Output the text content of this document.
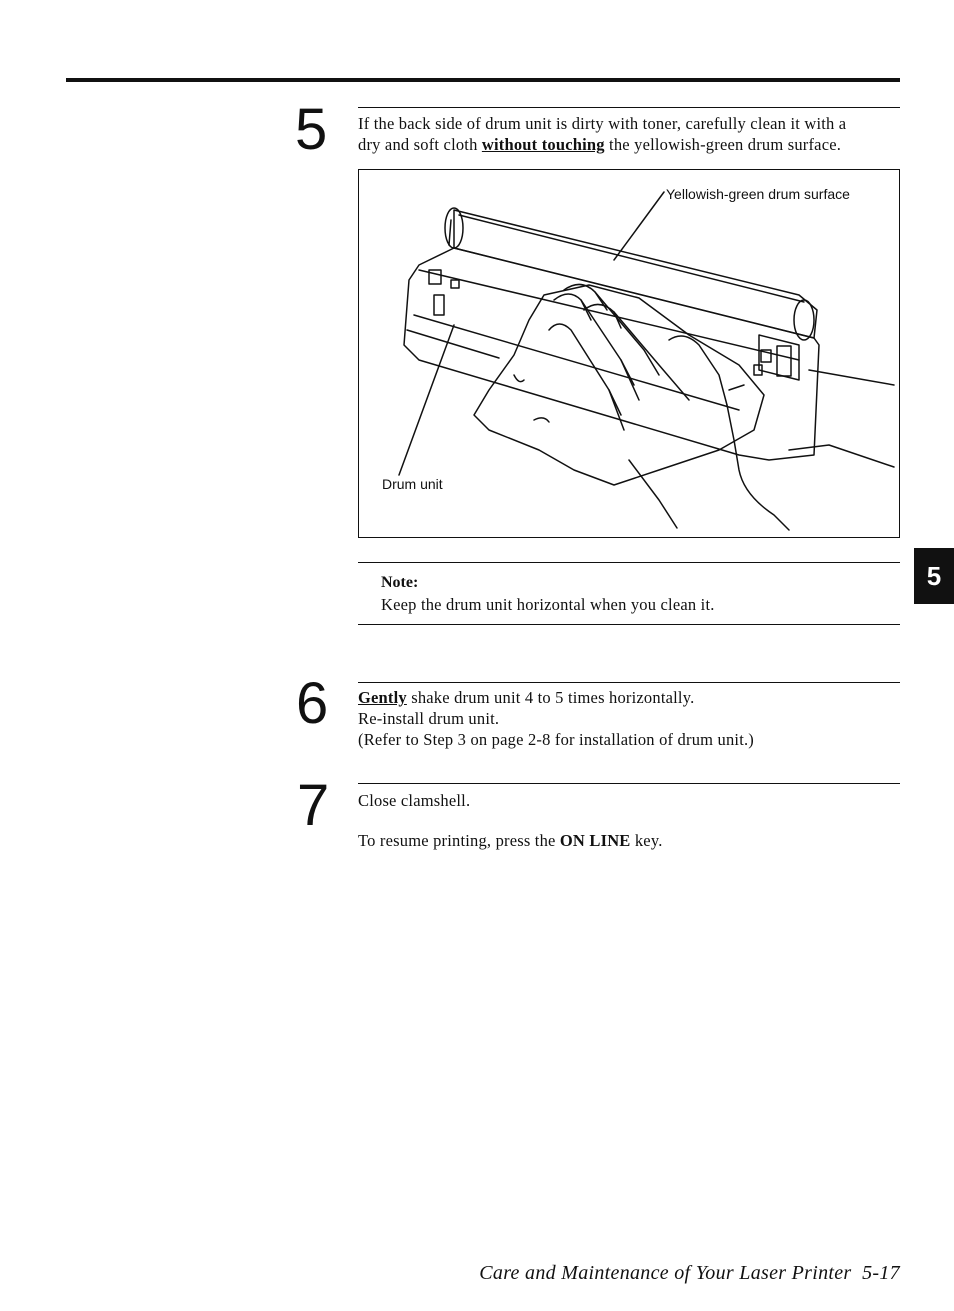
5 If the back side of drum unit is dirty with toner, carefully clean it with a
dry and soft cloth without touching the yellowish-green drum surface.
Yellowish-green drum surface
Drum unit
Note:
Keep the drum unit horizontal when you clean it.
5
6 Gently shake drum unit 4 to 5 times horizontally.
Re-install drum unit.
(Refer to Step 3 on page 2-8 for installation of drum unit.)
7 Close clamshell.
To resume printing, press the ON LINE key.
Care and Maintenance of Your Laser Printer 5-17
